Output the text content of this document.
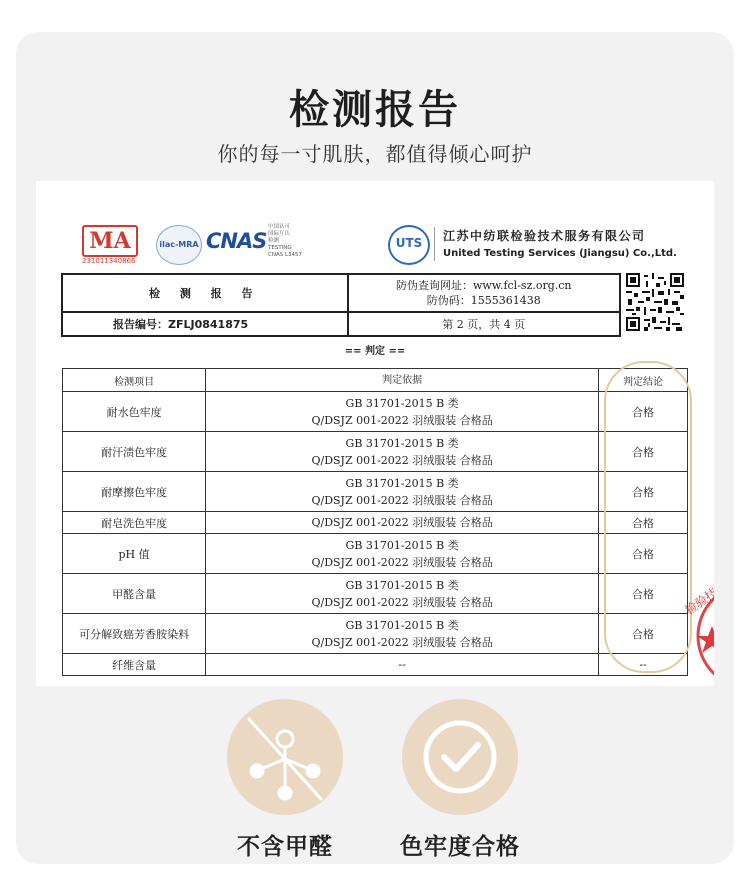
检测报告
你的每一寸肌肤，都值得倾心呵护
MA
231011340866
ilac-MRA CNAS
中国认可
国际互认
检测
TESTING
CNAS L3457
UTS	江苏中纺联检验技术服务有限公司
United Testing Services (Jiangsu) Co.,Ltd.
检 测 报 告	防伪查询网址：www.fcl-sz.org.cn
防伪码：1555361438

报告编号：ZFLJ0841875	第 2 页，共 4 页
== 判定 ==
检测项目	判定依据	判定结论
耐水色牢度	GB 31701-2015 B 类
Q/DSJZ 001-2022 羽绒服装 合格品	合格
耐汗渍色牢度	GB 31701-2015 B 类
Q/DSJZ 001-2022 羽绒服装 合格品	合格
耐摩擦色牢度	GB 31701-2015 B 类
Q/DSJZ 001-2022 羽绒服装 合格品	合格
耐皂洗色牢度	Q/DSJZ 001-2022 羽绒服装 合格品	合格
pH 值	GB 31701-2015 B 类
Q/DSJZ 001-2022 羽绒服装 合格品	合格
甲醛含量	GB 31701-2015 B 类
Q/DSJZ 001-2022 羽绒服装 合格品	合格
可分解致癌芳香胺染料	GB 31701-2015 B 类
Q/DSJZ 001-2022 羽绒服装 合格品	合格
纤维含量	--	--
检验技
不含甲醛	色牢度合格
